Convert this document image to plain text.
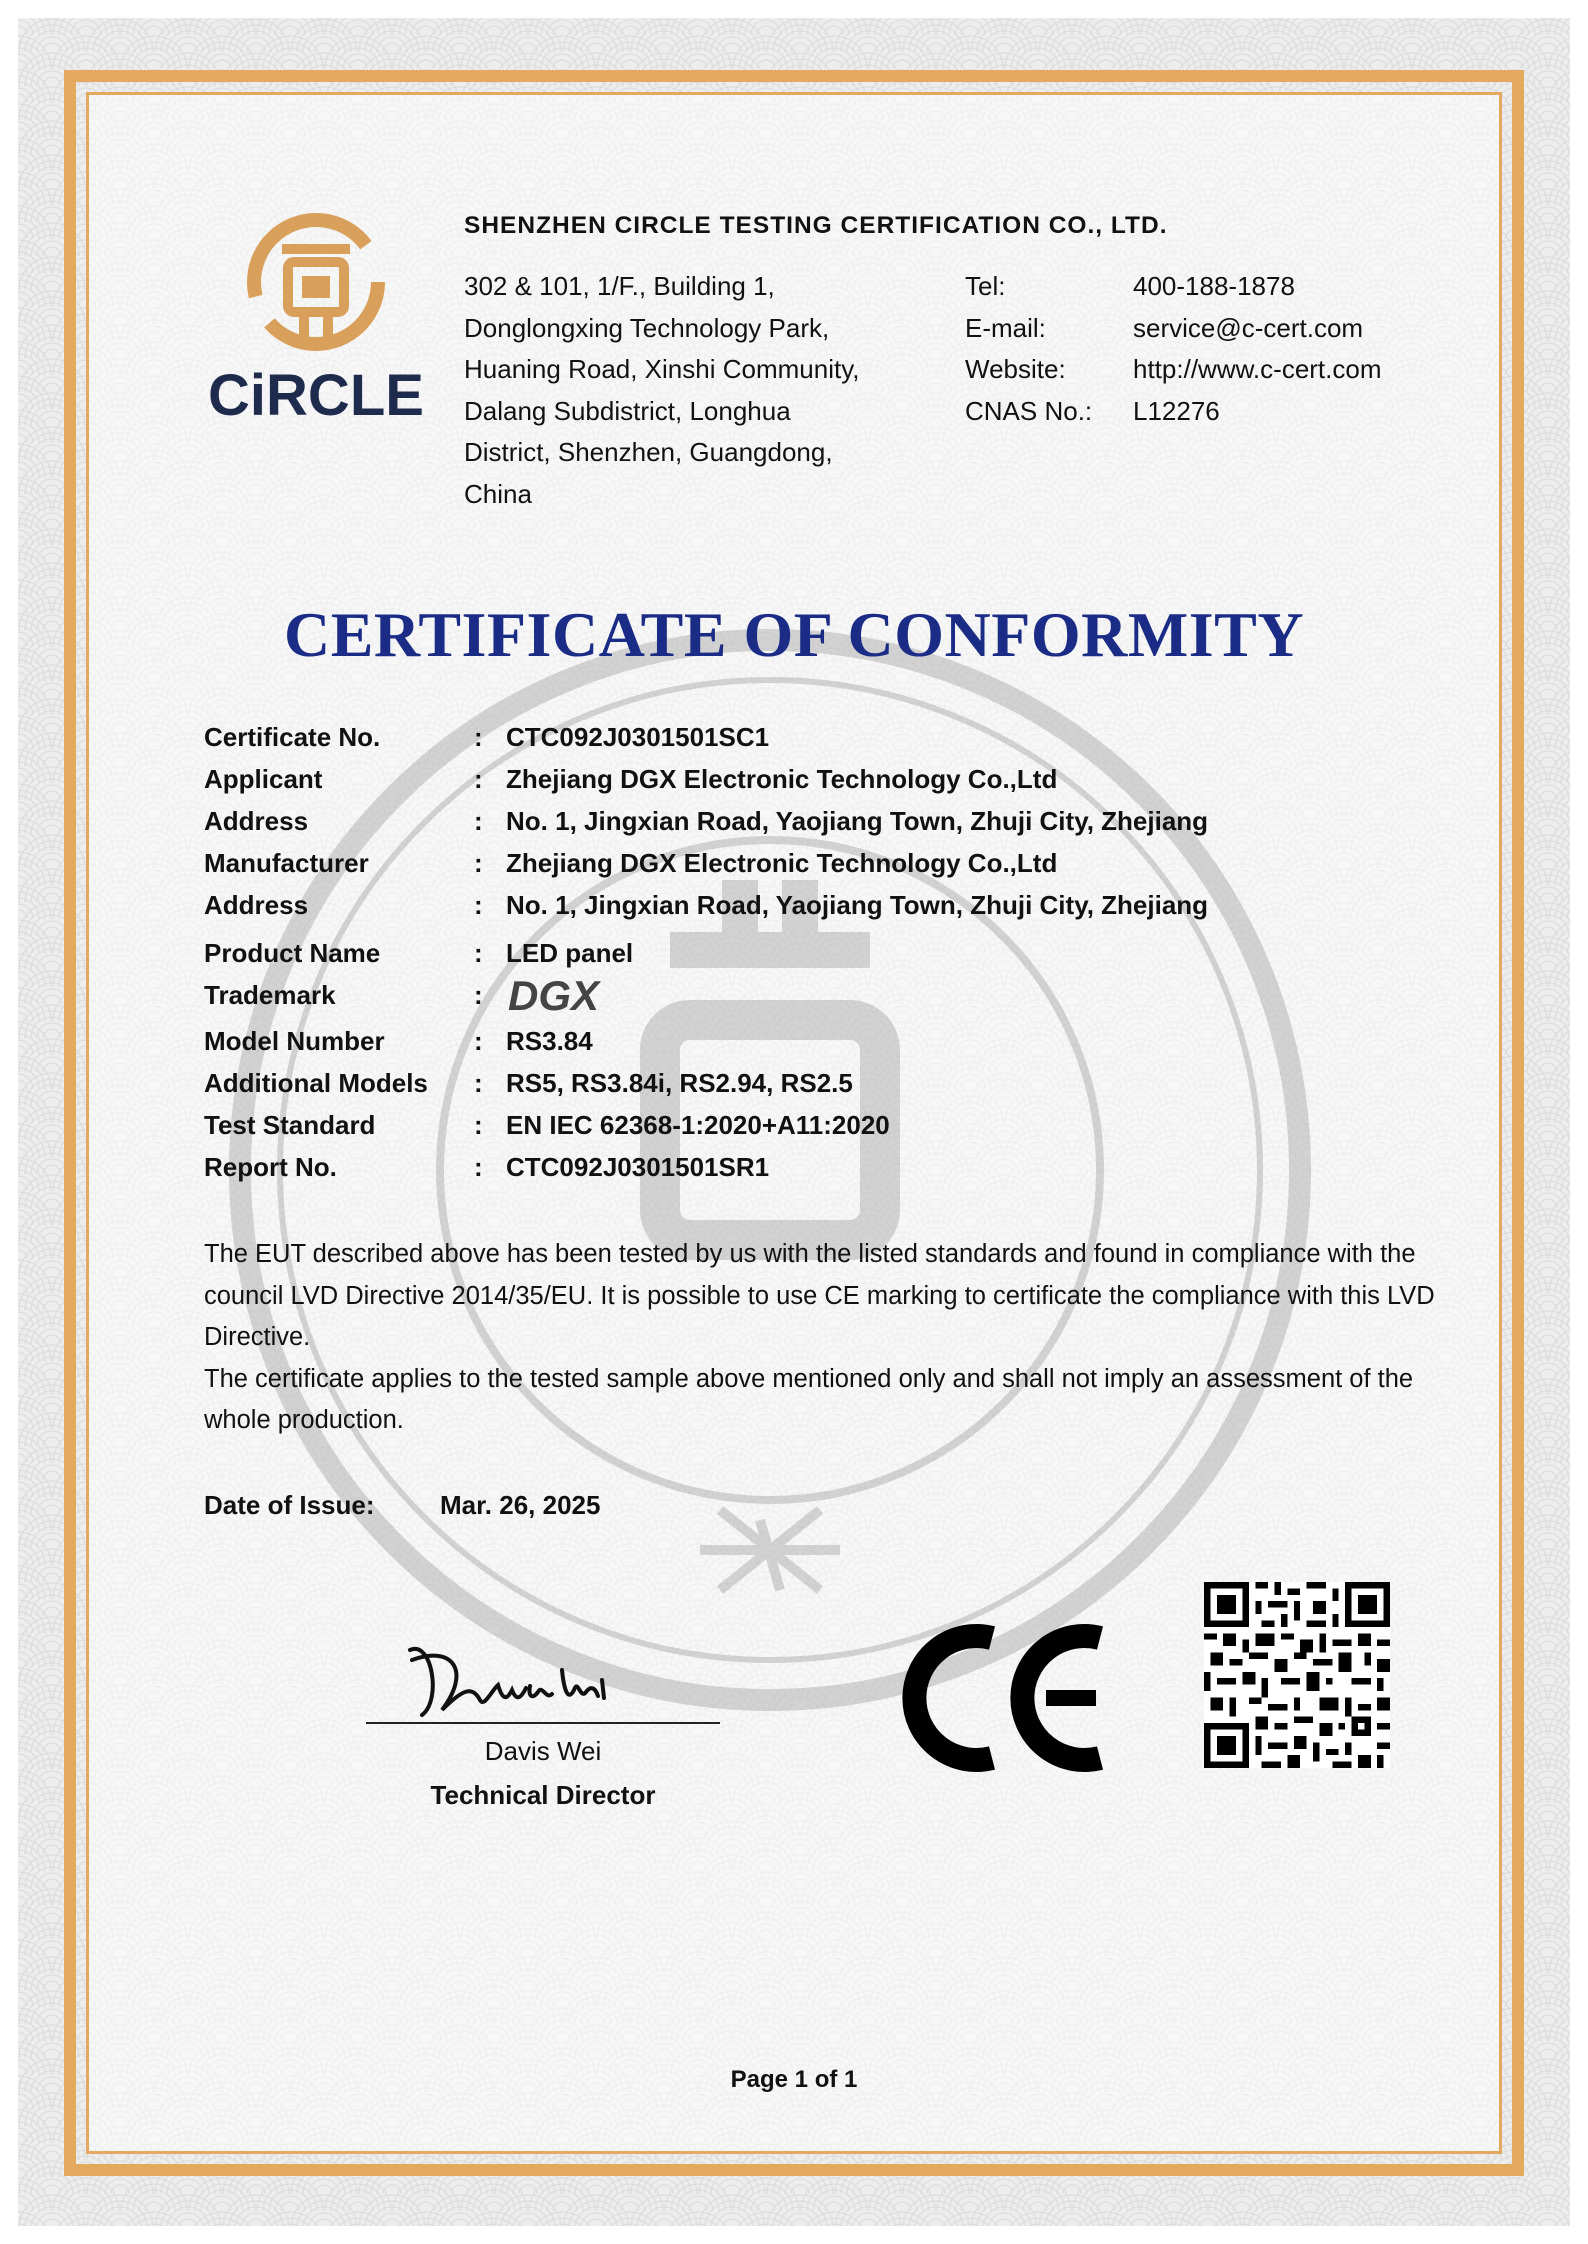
CiRCLE
SHENZHEN CIRCLE TESTING CERTIFICATION CO., LTD.
302 & 101, 1/F., Building 1,
Donglongxing Technology Park,
Huaning Road, Xinshi Community,
Dalang Subdistrict, Longhua
District, Shenzhen, Guangdong,
China
Tel:	400-188-1878
E-mail:	service@c-cert.com
Website:	http://www.c-cert.com
CNAS No.:	L12276
CERTIFICATE OF CONFORMITY
Certificate No.	: CTC092J0301501SC1
Applicant	: Zhejiang DGX Electronic Technology Co.,Ltd
Address	: No. 1, Jingxian Road, Yaojiang Town, Zhuji City, Zhejiang
Manufacturer	: Zhejiang DGX Electronic Technology Co.,Ltd
Address	: No. 1, Jingxian Road, Yaojiang Town, Zhuji City, Zhejiang
Product Name	: LED panel
Trademark	: DGX
Model Number	: RS3.84
Additional Models	: RS5, RS3.84i, RS2.94, RS2.5
Test Standard	: EN IEC 62368-1:2020+A11:2020
Report No.	: CTC092J0301501SR1

The EUT described above has been tested by us with the listed standards and found in compliance with the council LVD Directive 2014/35/EU. It is possible to use CE marking to certificate the compliance with this LVD Directive.

The certificate applies to the tested sample above mentioned only and shall not imply an assessment of the whole production.

Date of Issue:	Mar. 26, 2025
Davis Wei
Technical Director
Page 1 of 1
